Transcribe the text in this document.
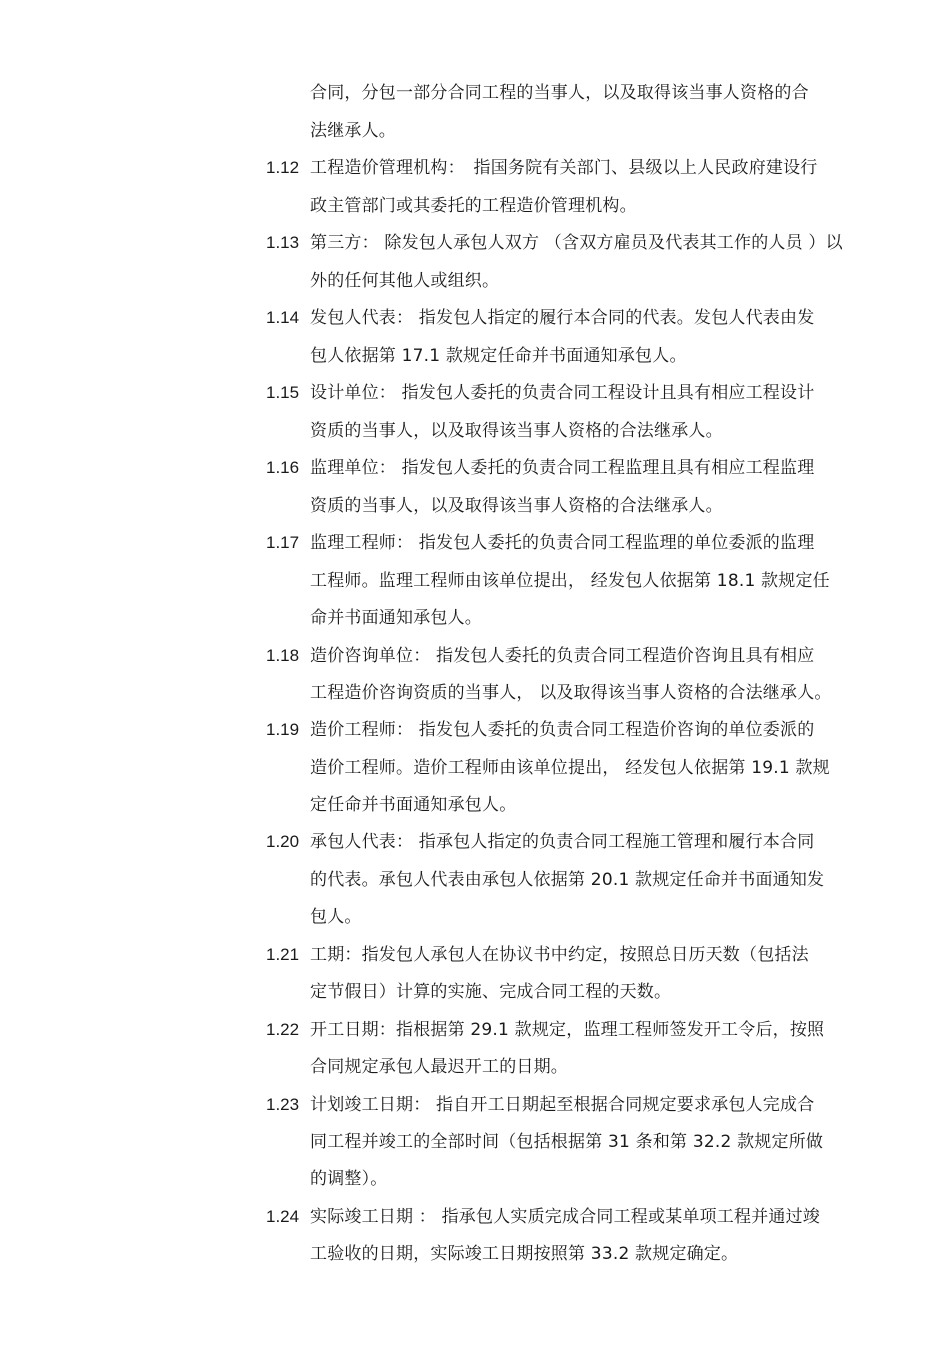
合同，分包一部分合同工程的当事人，以及取得该当事人资格的合
法继承人。
1.12 工程造价管理机构：　指国务院有关部门、县级以上人民政府建设行
政主管部门或其委托的工程造价管理机构。
1.13 第三方： 除发包人承包人双方 （含双方雇员及代表其工作的人员 ）以
外的任何其他人或组织。
1.14 发包人代表： 指发包人指定的履行本合同的代表。发包人代表由发
包人依据第 17.1 款规定任命并书面通知承包人。
1.15 设计单位： 指发包人委托的负责合同工程设计且具有相应工程设计
资质的当事人，以及取得该当事人资格的合法继承人。
1.16 监理单位： 指发包人委托的负责合同工程监理且具有相应工程监理
资质的当事人，以及取得该当事人资格的合法继承人。
1.17 监理工程师： 指发包人委托的负责合同工程监理的单位委派的监理
工程师。监理工程师由该单位提出， 经发包人依据第 18.1 款规定任
命并书面通知承包人。
1.18 造价咨询单位： 指发包人委托的负责合同工程造价咨询且具有相应
工程造价咨询资质的当事人， 以及取得该当事人资格的合法继承人。
1.19 造价工程师： 指发包人委托的负责合同工程造价咨询的单位委派的
造价工程师。造价工程师由该单位提出， 经发包人依据第 19.1 款规
定任命并书面通知承包人。
1.20 承包人代表： 指承包人指定的负责合同工程施工管理和履行本合同
的代表。承包人代表由承包人依据第 20.1 款规定任命并书面通知发
包人。
1.21 工期：指发包人承包人在协议书中约定，按照总日历天数（包括法
定节假日）计算的实施、完成合同工程的天数。
1.22 开工日期：指根据第 29.1 款规定，监理工程师签发开工令后，按照
合同规定承包人最迟开工的日期。
1.23 计划竣工日期： 指自开工日期起至根据合同规定要求承包人完成合
同工程并竣工的全部时间（包括根据第 31 条和第 32.2 款规定所做
的调整）。
1.24 实际竣工日期 ： 指承包人实质完成合同工程或某单项工程并通过竣
工验收的日期，实际竣工日期按照第 33.2 款规定确定。
